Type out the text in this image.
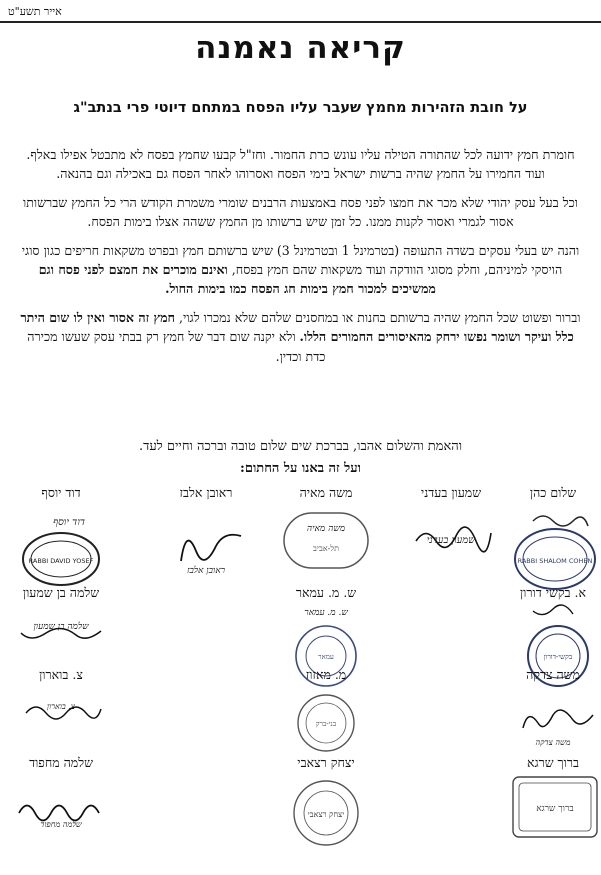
אייר תשע"ט
קריאה נאמנה
על חובת הזהירות מחמץ שעבר עליו הפסח במתחם דיוטי פרי בנתב"ג

חומרת חמץ ידועה לכל שהתורה הטילה עליו עונש כרת החמור. וחז"ל קבעו שחמץ בפסח לא מתבטל אפילו באלף. ועוד החמירו על החמץ שהיה ברשות ישראל בימי הפסח ואסרוהו לאחר הפסח גם באכילה וגם בהנאה.

וכל בעל עסק יהודי שלא מכר את חמצו לפני פסח באמצעות הרבנים שומרי משמרת הקודש הרי כל החמץ שברשותו אסור לגמרי ואסור לקנות ממנו. כל זמן שיש ברשותו מן החמץ ששהה אצלו בימות הפסח.

והנה יש בעלי עסקים בשדה התעופה (בטרמינל 1 ובטרמינל 3) שיש ברשותם חמץ ובפרט משקאות חריפים כגון סוגי הויסקי למיניהם, וחלק מסוגי הוודקה ועוד משקאות שהם חמץ בפסח, ואינם מוכרים את חמצם לפני פסח וגם ממשיכים למכור חמץ בימות חג הפסח כמו בימות החול.

וברור ופשוט שכל החמץ שהיה ברשותם בחנות או במחסנים שלהם שלא נמכרו לגוי, חמץ זה אסור ואין לו שום היתר כלל ועיקר ושומר נפשו ירחק מהאיסורים החמורים הללו. ולא יקנה שום דבר של חמץ רק בבתי עסק שעשו מכירה כדת וכדין.

והאמת והשלום אהבו, בברכת שים שלום טובה וברכה וחיים לעד.
ועל זה באנו על החתום:
שלום כהן
RABBI SHALOM COHEN
שמעון בעדני
שמעון בעדני
משה מאיה
משה מאיה
תל-אביב
ראובן אלבז
ראובן אלבז
דוד יוסף
דוד יוסף
RABBI DAVID YOSEF
א. בקשי דורון
בקשי-דורון
ש. מ. עמאר
ש. מ. עמאר
עמאר
שלמה בן שמעון
שלמה בן שמעון
משה צדקה
משה צדקה
מ. מאזוז
בני-ברק
צ. בוארון
צ. בוארון
ברוך שרגא
ברוך שרגא
יצחק רצאבי
יצחק רצאבי
שלמה מחפוד
שלמה מחפוד
